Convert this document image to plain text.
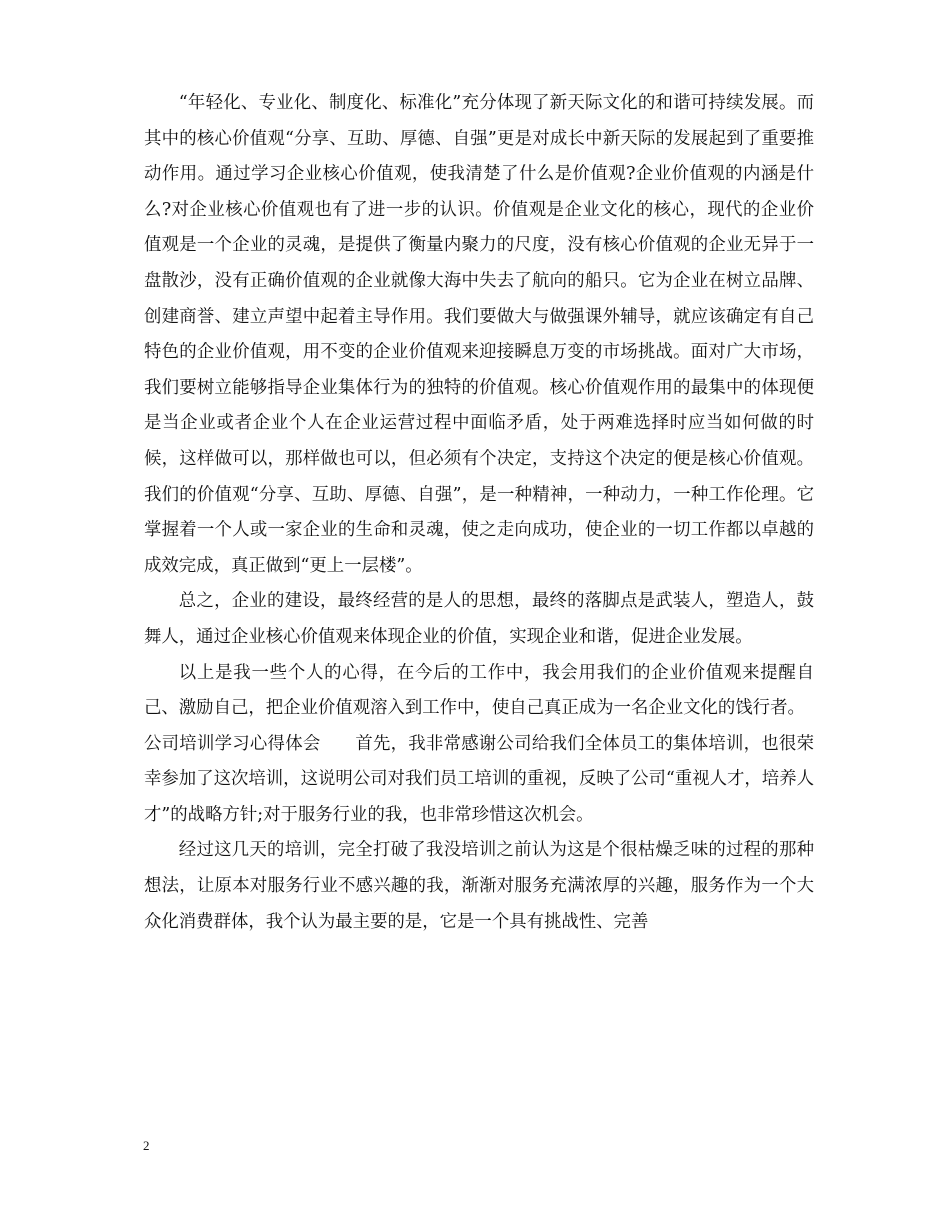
“年轻化、专业化、制度化、标准化”充分体现了新天际文化的和谐可持续发展。而其中的核心价值观“分享、互助、厚德、自强”更是对成长中新天际的发展起到了重要推动作用。通过学习企业核心价值观，使我清楚了什么是价值观?企业价值观的内涵是什么?对企业核心价值观也有了进一步的认识。价值观是企业文化的核心，现代的企业价值观是一个企业的灵魂，是提供了衡量内聚力的尺度，没有核心价值观的企业无异于一盘散沙，没有正确价值观的企业就像大海中失去了航向的船只。它为企业在树立品牌、创建商誉、建立声望中起着主导作用。我们要做大与做强课外辅导，就应该确定有自己特色的企业价值观，用不变的企业价值观来迎接瞬息万变的市场挑战。面对广大市场，我们要树立能够指导企业集体行为的独特的价值观。核心价值观作用的最集中的体现便是当企业或者企业个人在企业运营过程中面临矛盾，处于两难选择时应当如何做的时候，这样做可以，那样做也可以，但必须有个决定，支持这个决定的便是核心价值观。我们的价值观“分享、互助、厚德、自强”，是一种精神，一种动力，一种工作伦理。它掌握着一个人或一家企业的生命和灵魂，使之走向成功，使企业的一切工作都以卓越的成效完成，真正做到“更上一层楼”。

总之，企业的建设，最终经营的是人的思想，最终的落脚点是武装人，塑造人，鼓舞人，通过企业核心价值观来体现企业的价值，实现企业和谐，促进企业发展。

以上是我一些个人的心得，在今后的工作中，我会用我们的企业价值观来提醒自己、激励自己，把企业价值观溶入到工作中，使自己真正成为一名企业文化的饯行者。

公司培训学习心得体会 首先，我非常感谢公司给我们全体员工的集体培训，也很荣幸参加了这次培训，这说明公司对我们员工培训的重视，反映了公司“重视人才，培养人才”的战略方针;对于服务行业的我，也非常珍惜这次机会。

经过这几天的培训，完全打破了我没培训之前认为这是个很枯燥乏味的过程的那种想法，让原本对服务行业不感兴趣的我，渐渐对服务充满浓厚的兴趣，服务作为一个大众化消费群体，我个认为最主要的是，它是一个具有挑战性、完善

2
